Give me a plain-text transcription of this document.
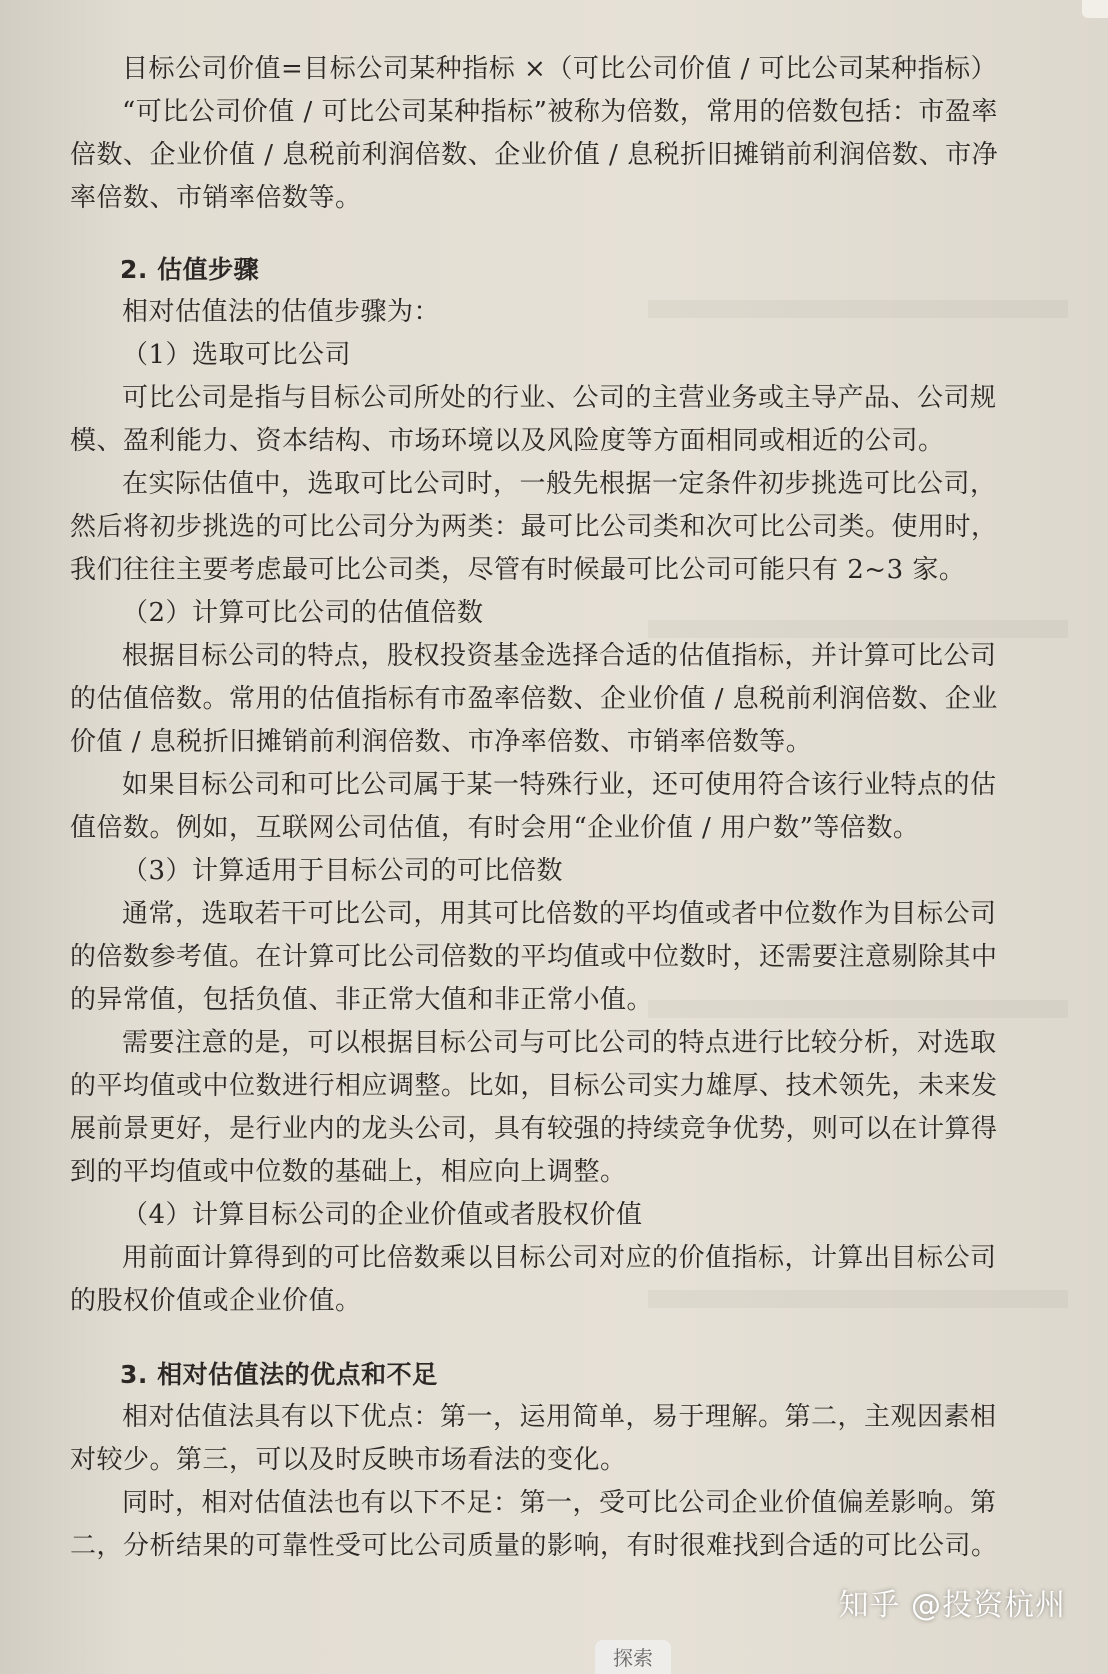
目标公司价值=目标公司某种指标 ×（可比公司价值 / 可比公司某种指标）
“可比公司价值 / 可比公司某种指标”被称为倍数，常用的倍数包括：市盈率
倍数、企业价值 / 息税前利润倍数、企业价值 / 息税折旧摊销前利润倍数、市净
率倍数、市销率倍数等。
2. 估值步骤
相对估值法的估值步骤为：
（1）选取可比公司
可比公司是指与目标公司所处的行业、公司的主营业务或主导产品、公司规
模、盈利能力、资本结构、市场环境以及风险度等方面相同或相近的公司。
在实际估值中，选取可比公司时，一般先根据一定条件初步挑选可比公司，
然后将初步挑选的可比公司分为两类：最可比公司类和次可比公司类。使用时，
我们往往主要考虑最可比公司类，尽管有时候最可比公司可能只有 2~3 家。
（2）计算可比公司的估值倍数
根据目标公司的特点，股权投资基金选择合适的估值指标，并计算可比公司
的估值倍数。常用的估值指标有市盈率倍数、企业价值 / 息税前利润倍数、企业
价值 / 息税折旧摊销前利润倍数、市净率倍数、市销率倍数等。
如果目标公司和可比公司属于某一特殊行业，还可使用符合该行业特点的估
值倍数。例如，互联网公司估值，有时会用“企业价值 / 用户数”等倍数。
（3）计算适用于目标公司的可比倍数
通常，选取若干可比公司，用其可比倍数的平均值或者中位数作为目标公司
的倍数参考值。在计算可比公司倍数的平均值或中位数时，还需要注意剔除其中
的异常值，包括负值、非正常大值和非正常小值。
需要注意的是，可以根据目标公司与可比公司的特点进行比较分析，对选取
的平均值或中位数进行相应调整。比如，目标公司实力雄厚、技术领先，未来发
展前景更好，是行业内的龙头公司，具有较强的持续竞争优势，则可以在计算得
到的平均值或中位数的基础上，相应向上调整。
（4）计算目标公司的企业价值或者股权价值
用前面计算得到的可比倍数乘以目标公司对应的价值指标，计算出目标公司
的股权价值或企业价值。
3. 相对估值法的优点和不足
相对估值法具有以下优点：第一，运用简单，易于理解。第二，主观因素相
对较少。第三，可以及时反映市场看法的变化。
同时，相对估值法也有以下不足：第一，受可比公司企业价值偏差影响。第
二，分析结果的可靠性受可比公司质量的影响，有时很难找到合适的可比公司。
知乎 @投资杭州
探索
